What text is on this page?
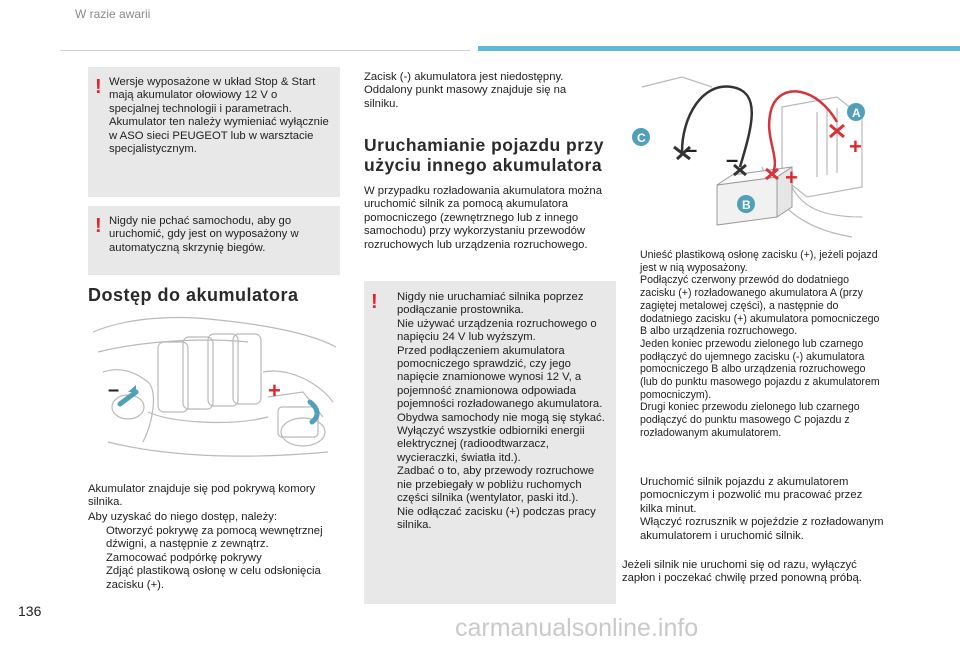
W razie awarii
! Wersje wyposażone w układ Stop & Start mają akumulator ołowiowy 12 V o specjalnej technologii i parametrach. Akumulator ten należy wymieniać wyłącznie w ASO sieci PEUGEOT lub w warsztacie specjalistycznym.

! Nigdy nie pchać samochodu, aby go uruchomić, gdy jest on wyposażony w automatyczną skrzynię biegów.

Dostęp do akumulatora
–	+

Akumulator znajduje się pod pokrywą komory silnika.

Aby uzyskać do niego dostęp, należy:

Otworzyć pokrywę za pomocą wewnętrznej dźwigni, a następnie z zewnątrz.
Zamocować podpórkę pokrywy
Zdjąć plastikową osłonę w celu odsłonięcia zacisku (+).

Zacisk (-) akumulatora jest niedostępny. Oddalony punkt masowy znajduje się na silniku.

Uruchamianie pojazdu przy
użyciu innego akumulatora

W przypadku rozładowania akumulatora można uruchomić silnik za pomocą akumulatora pomocniczego (zewnętrznego lub z innego samochodu) przy wykorzystaniu przewodów rozruchowych lub urządzenia rozruchowego.

! Nigdy nie uruchamiać silnika poprzez podłączanie prostownika.

Nie używać urządzenia rozruchowego o napięciu 24 V lub wyższym.

Przed podłączeniem akumulatora pomocniczego sprawdzić, czy jego napięcie znamionowe wynosi 12 V, a pojemność znamionowa odpowiada pojemności rozładowanego akumulatora.

Obydwa samochody nie mogą się stykać.

Wyłączyć wszystkie odbiorniki energii elektrycznej (radioodtwarzacz, wycieraczki, światła itd.).

Zadbać o to, aby przewody rozruchowe nie przebiegały w pobliżu ruchomych części silnika (wentylator, paski itd.).

Nie odłączać zacisku (+) podczas pracy silnika.

– –
+
+
C
B
A
Unieść plastikową osłonę zacisku (+), jeżeli pojazd jest w nią wyposażony.
Podłączyć czerwony przewód do dodatniego zacisku (+) rozładowanego akumulatora A (przy zagiętej metalowej części), a następnie do dodatniego zacisku (+) akumulatora pomocniczego B albo urządzenia rozruchowego.
Jeden koniec przewodu zielonego lub czarnego podłączyć do ujemnego zacisku (-) akumulatora pomocniczego B albo urządzenia rozruchowego (lub do punktu masowego pojazdu z akumulatorem pomocniczym).
Drugi koniec przewodu zielonego lub czarnego podłączyć do punktu masowego C pojazdu z rozładowanym akumulatorem.
Uruchomić silnik pojazdu z akumulatorem pomocniczym i pozwolić mu pracować przez kilka minut.
Włączyć rozrusznik w pojeździe z rozładowanym akumulatorem i uruchomić silnik.

Jeżeli silnik nie uruchomi się od razu, wyłączyć zapłon i poczekać chwilę przed ponowną próbą.

136
carmanualsonline.info
